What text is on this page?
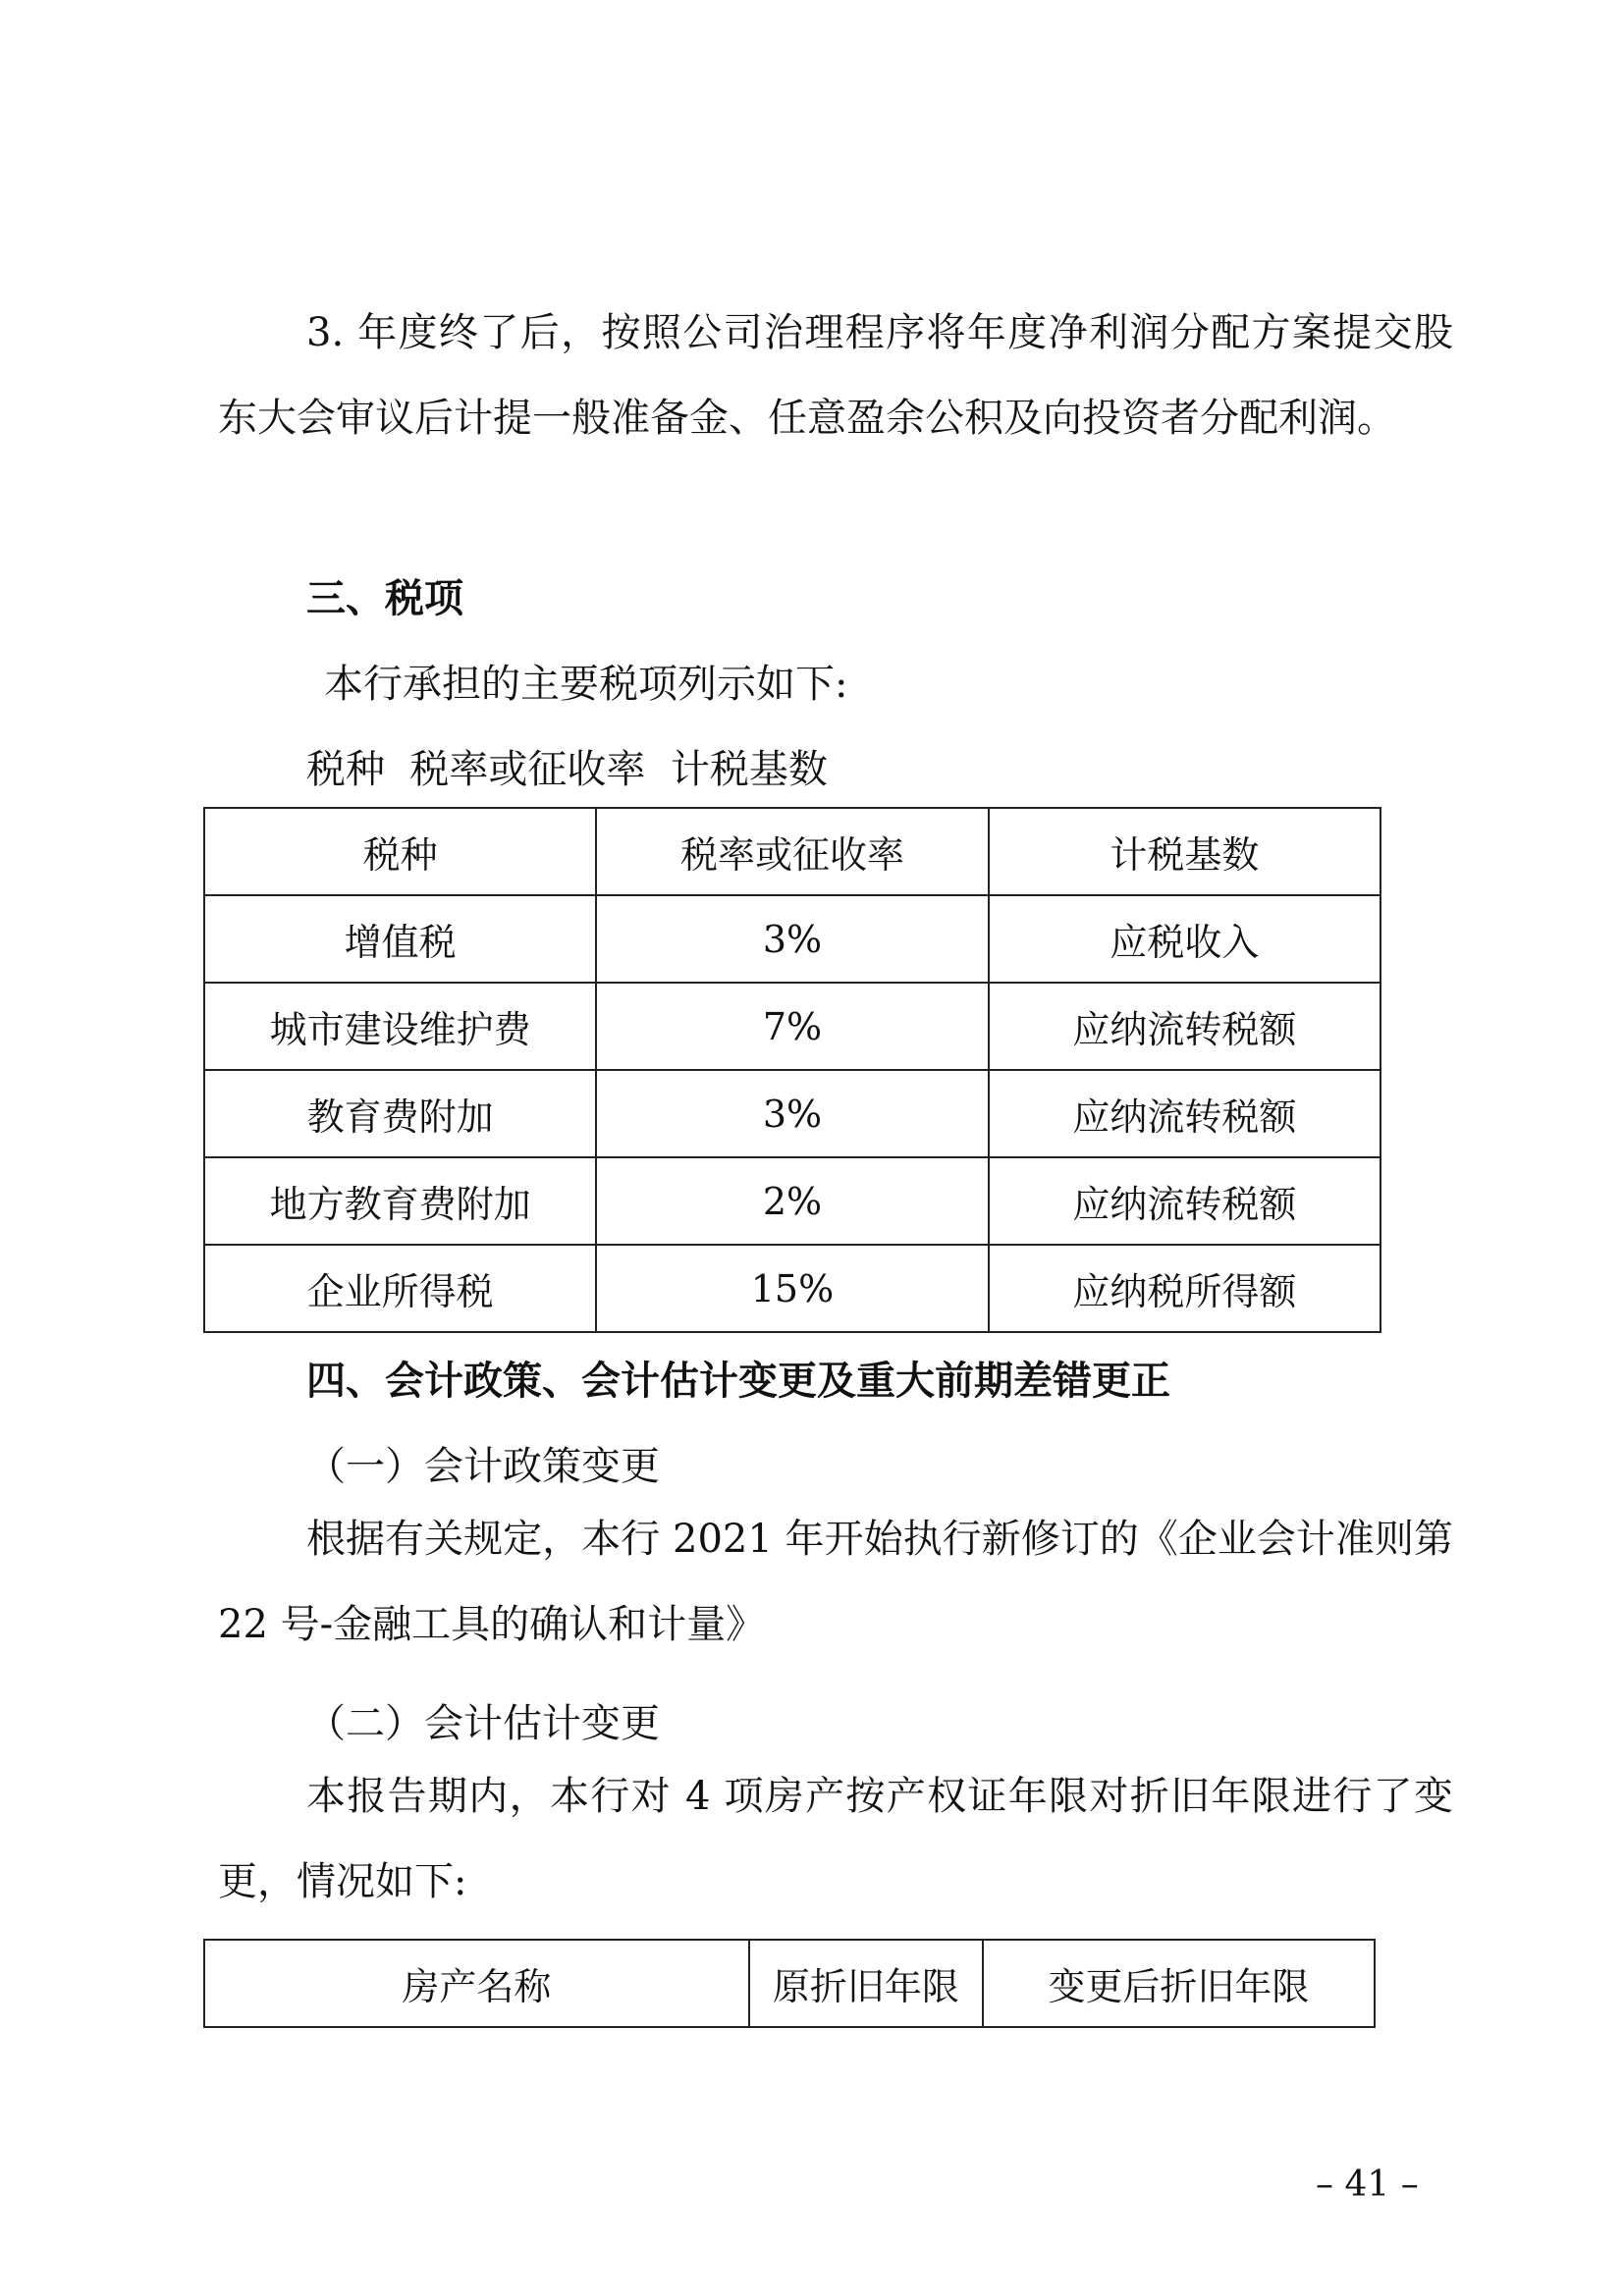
3. 年度终了后，按照公司治理程序将年度净利润分配方案提交股东大会审议后计提一般准备金、任意盈余公积及向投资者分配利润。

三、税项

本行承担的主要税项列示如下:

税种  税率或征收率  计税基数

税种	税率或征收率	计税基数
增值税	3%	应税收入
城市建设维护费	7%	应纳流转税额
教育费附加	3%	应纳流转税额
地方教育费附加	2%	应纳流转税额
企业所得税	15%	应纳税所得额

四、会计政策、会计估计变更及重大前期差错更正

（一）会计政策变更

根据有关规定，本行 2021 年开始执行新修订的《企业会计准则第 22 号-金融工具的确认和计量》

（二）会计估计变更

本报告期内，本行对 4 项房产按产权证年限对折旧年限进行了变更，情况如下:

房产名称	原折旧年限	变更后折旧年限
– 41 –
